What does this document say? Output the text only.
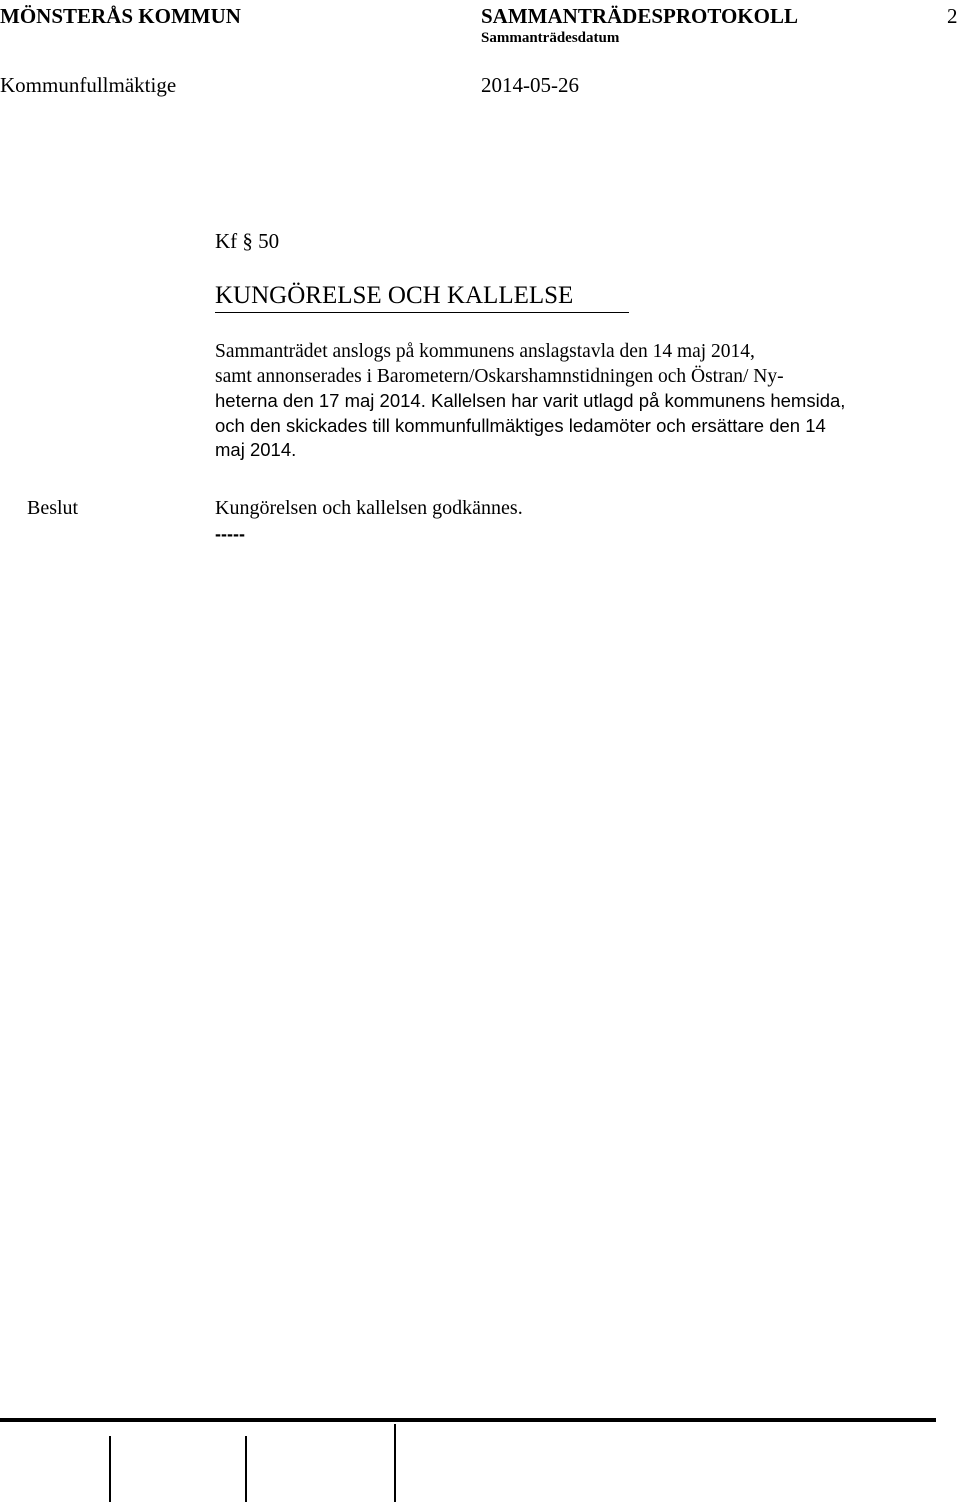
MÖNSTERÅS KOMMUN	SAMMANTRÄDESPROTOKOLL	2
Sammanträdesdatum
Kommunfullmäktige	2014-05-26
Kf § 50
KUNGÖRELSE OCH KALLELSE
Sammanträdet anslogs på kommunens anslagstavla den 14 maj 2014,
samt annonserades i Barometern/Oskarshamnstidningen och Östran/ Ny-
heterna den 17 maj 2014. Kallelsen har varit utlagd på kommunens hemsida,
och den skickades till kommunfullmäktiges ledamöter och ersättare den 14
maj 2014.
Beslut	Kungörelsen och kallelsen godkännes.
-----
